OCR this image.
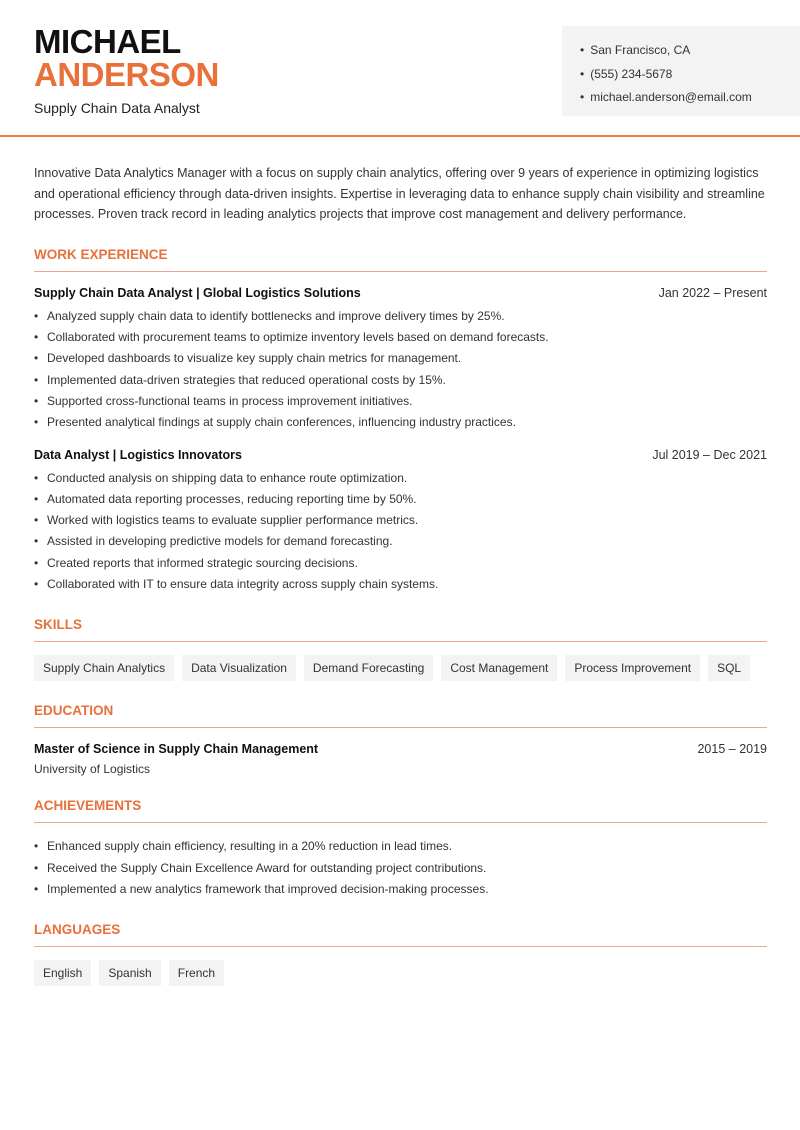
MICHAEL
ANDERSON
Supply Chain Data Analyst
• San Francisco, CA
• (555) 234-5678
• michael.anderson@email.com

Innovative Data Analytics Manager with a focus on supply chain analytics, offering over 9 years of experience in optimizing logistics and operational efficiency through data-driven insights. Expertise in leveraging data to enhance supply chain visibility and streamline processes. Proven track record in leading analytics projects that improve cost management and delivery performance.

WORK EXPERIENCE
Supply Chain Data Analyst | Global Logistics Solutions	Jan 2022 – Present
• Analyzed supply chain data to identify bottlenecks and improve delivery times by 25%.
• Collaborated with procurement teams to optimize inventory levels based on demand forecasts.
• Developed dashboards to visualize key supply chain metrics for management.
• Implemented data-driven strategies that reduced operational costs by 15%.
• Supported cross-functional teams in process improvement initiatives.
• Presented analytical findings at supply chain conferences, influencing industry practices.
Data Analyst | Logistics Innovators	Jul 2019 – Dec 2021
• Conducted analysis on shipping data to enhance route optimization.
• Automated data reporting processes, reducing reporting time by 50%.
• Worked with logistics teams to evaluate supplier performance metrics.
• Assisted in developing predictive models for demand forecasting.
• Created reports that informed strategic sourcing decisions.
• Collaborated with IT to ensure data integrity across supply chain systems.
SKILLS
Supply Chain Analytics	Data Visualization	Demand Forecasting	Cost Management	Process Improvement	SQL
EDUCATION
Master of Science in Supply Chain Management	2015 – 2019
University of Logistics
ACHIEVEMENTS
• Enhanced supply chain efficiency, resulting in a 20% reduction in lead times.
• Received the Supply Chain Excellence Award for outstanding project contributions.
• Implemented a new analytics framework that improved decision-making processes.
LANGUAGES
English	Spanish	French
